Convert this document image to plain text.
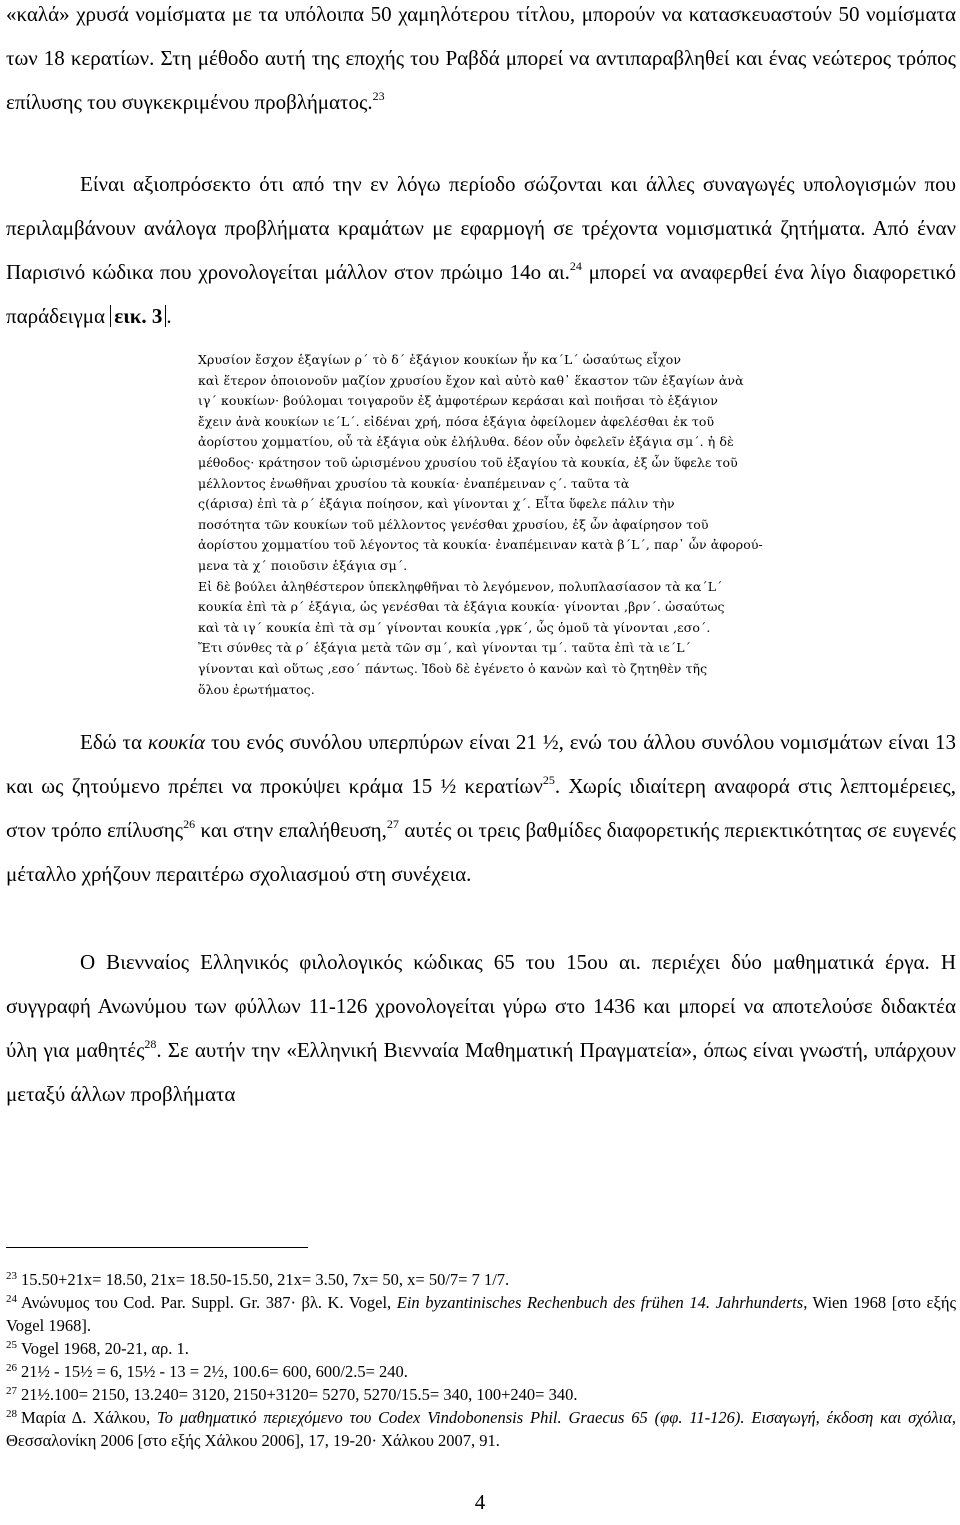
«καλά» χρυσά νομίσματα με τα υπόλοιπα 50 χαμηλότερου τίτλου, μπορούν να κατασκευαστούν 50 νομίσματα των 18 κερατίων. Στη μέθοδο αυτή της εποχής του Ραβδά μπορεί να αντιπαραβληθεί και ένας νεώτερος τρόπος επίλυσης του συγκεκριμένου προβλήματος.$^{23}$
Είναι αξιοπρόσεκτο ότι από την εν λόγω περίοδο σώζονται και άλλες συναγωγές υπολογισμών που περιλαμβάνουν ανάλογα προβλήματα κραμάτων με εφαρμογή σε τρέχοντα νομισματικά ζητήματα. Από έναν Παρισινό κώδικα που χρονολογείται μάλλον στον πρώιμο 14ο αι.$^{24}$ μπορεί να αναφερθεί ένα λίγο διαφορετικό παράδειγμα εικ. 3 .
Χρυσίον ἔσχον ἑξαγίων ρ΄ τὸ δ΄ ἑξάγιον κουκίων ἦν κα΄L΄ ὡσαύτως εἶχον
καὶ ἕτερον ὁποιονοῦν μαζίον χρυσίου ἔχον καὶ αὐτὸ καθ᾽ ἕκαστον τῶν ἑξαγίων ἀνὰ
ιγ΄ κουκίων· βούλομαι τοιγαροῦν ἐξ ἀμφοτέρων κεράσαι καὶ ποιῆσαι τὸ ἑξάγιον
ἔχειν ἀνὰ κουκίων ιε΄L΄. εἰδέναι χρή, πόσα ἑξάγια ὀφείλομεν ἀφελέσθαι ἐκ τοῦ
ἀορίστου χομματίου, οὗ τὰ ἑξάγια οὐκ ἐλήλυθα. δέον οὖν ὀφελεῖν ἑξάγια σμ΄. ἡ δὲ
μέθοδος· κράτησον τοῦ ὡρισμένου χρυσίου τοῦ ἑξαγίου τὰ κουκία, ἐξ ὧν ὕφελε τοῦ
μέλλοντος ἐνωθῆναι χρυσίου τὰ κουκία· ἐναπέμειναν ς΄. ταῦτα τὰ
ς(άρισα) ἐπὶ τὰ ρ΄ ἑξάγια ποίησον, καὶ γίνονται χ΄. Εἶτα ὕφελε πάλιν τὴν
ποσότητα τῶν κουκίων τοῦ μέλλοντος γενέσθαι χρυσίου, ἐξ ὧν ἀφαίρησον τοῦ
ἀορίστου χομματίου τοῦ λέγοντος τὰ κουκία· ἐναπέμειναν κατὰ β΄L΄, παρ᾽ ὧν ἀφορού-
μενα τὰ χ΄ ποιοῦσιν ἑξάγια σμ΄.
Εἰ δὲ βούλει ἀληθέστερον ὑπεκληφθῆναι τὸ λεγόμενον, πολυπλασίασον τὰ κα΄L΄
κουκία ἐπὶ τὰ ρ΄ ἑξάγια, ὡς γενέσθαι τὰ ἑξάγια κουκία· γίνονται ,βρν΄. ὡσαύτως
καὶ τὰ ιγ΄ κουκία ἐπὶ τὰ σμ΄ γίνονται κουκία ,γρκ΄, ὧς ὁμοῦ τὰ γίνονται ,εσο΄.
Ἔτι σύνθες τὰ ρ΄ ἑξάγια μετὰ τῶν σμ΄, καὶ γίνονται τμ΄. ταῦτα ἐπὶ τὰ ιε΄L΄
γίνονται καὶ οὕτως ,εσο΄ πάντως. Ἰδοὺ δὲ ἐγένετο ὁ κανὼν καὶ τὸ ζητηθὲν τῆς
ὅλου ἐρωτήματος.
Εδώ τα κουκία του ενός συνόλου υπερπύρων είναι 21 ½, ενώ του άλλου συνόλου νομισμάτων είναι 13 και ως ζητούμενο πρέπει να προκύψει κράμα 15 ½ κερατίων$^{25}$. Χωρίς ιδιαίτερη αναφορά στις λεπτομέρειες, στον τρόπο επίλυσης$^{26}$ και στην επαλήθευση,$^{27}$ αυτές οι τρεις βαθμίδες διαφορετικής περιεκτικότητας σε ευγενές μέταλλο χρήζουν περαιτέρω σχολιασμού στη συνέχεια.
Ο Βιενναίος Ελληνικός φιλολογικός κώδικας 65 του 15ου αι. περιέχει δύο μαθηματικά έργα. Η συγγραφή Ανωνύμου των φύλλων 11-126 χρονολογείται γύρω στο 1436 και μπορεί να αποτελούσε διδακτέα ύλη για μαθητές$^{28}$. Σε αυτήν την «Ελληνική Βιενναία Μαθηματική Πραγματεία», όπως είναι γνωστή, υπάρχουν μεταξύ άλλων προβλήματα

$^{23}$ 15.50+21x= 18.50, 21x= 18.50-15.50, 21x= 3.50, 7x= 50, x= 50/7= 7 1/7.

$^{24}$ Ανώνυμος του Cod. Par. Suppl. Gr. 387· βλ. K. Vogel, Ein byzantinisches Rechenbuch des frühen 14. Jahrhunderts, Wien 1968 [στο εξής Vogel 1968].

$^{25}$ Vogel 1968, 20-21, αρ. 1.

$^{26}$ 21½ - 15½ = 6, 15½ - 13 = 2½, 100.6= 600, 600/2.5= 240.

$^{27}$ 21½.100= 2150, 13.240= 3120, 2150+3120= 5270, 5270/15.5= 340, 100+240= 340.

$^{28}$ Μαρία Δ. Χάλκου, Το μαθηματικό περιεχόμενο του Codex Vindobonensis Phil. Graecus 65 (φφ. 11-126). Εισαγωγή, έκδοση και σχόλια, Θεσσαλονίκη 2006 [στο εξής Χάλκου 2006], 17, 19-20· Χάλκου 2007, 91.

4
